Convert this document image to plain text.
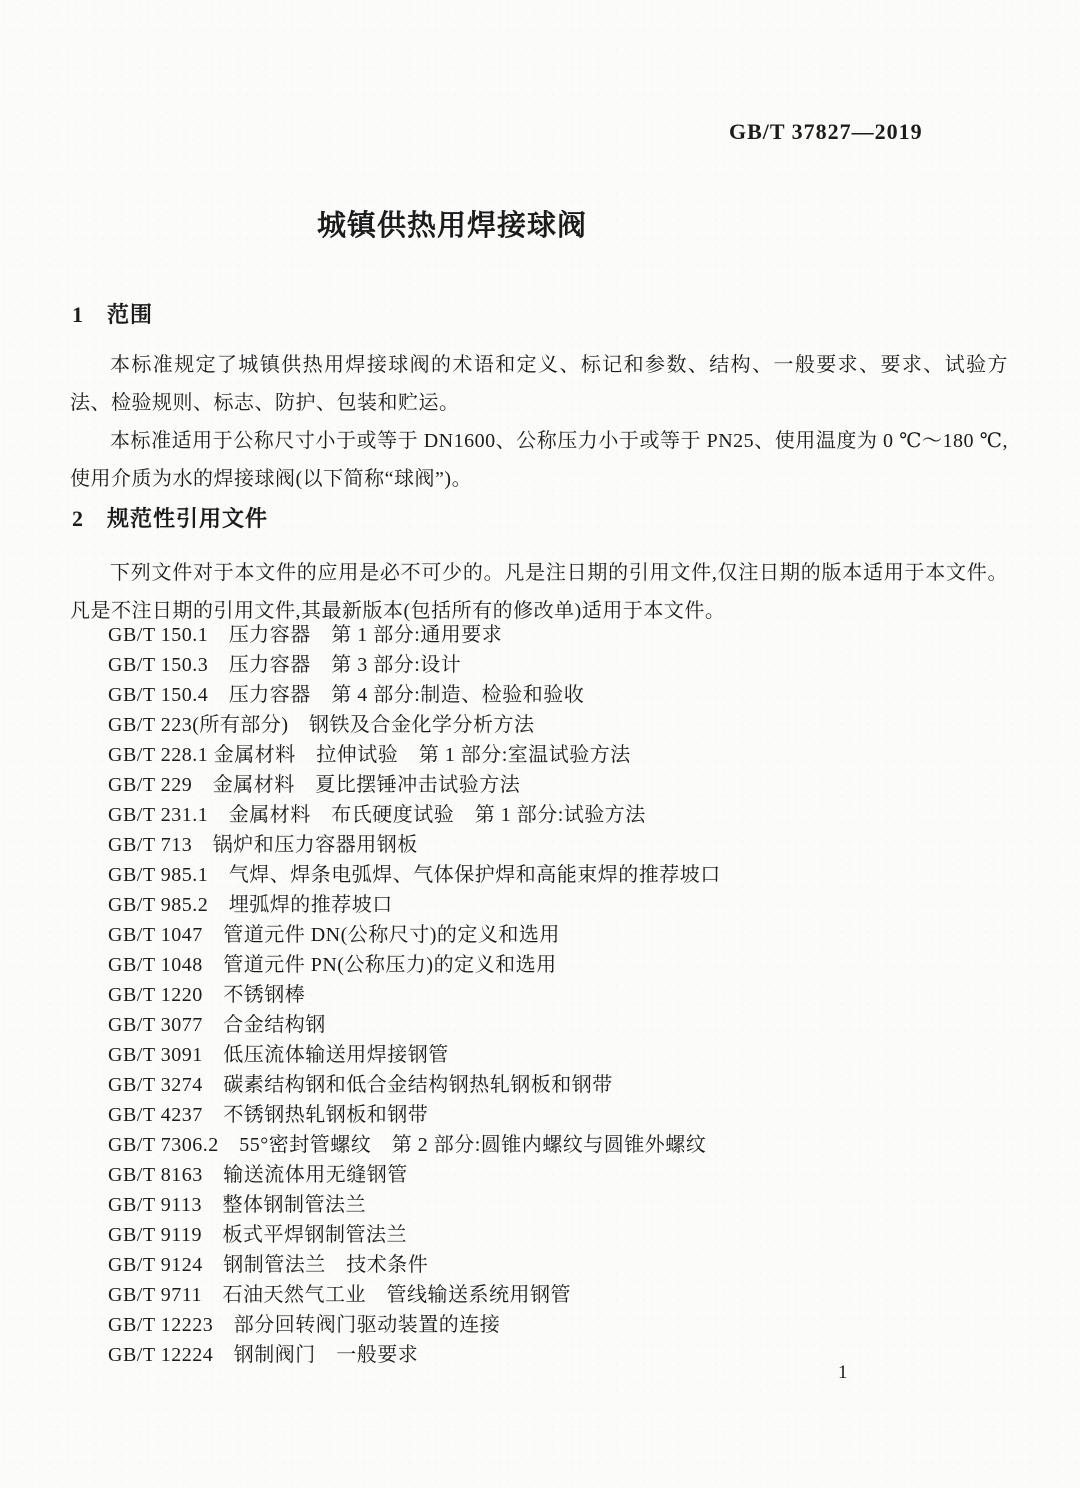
GB/T 37827—2019
城镇供热用焊接球阀
1　范围

本标准规定了城镇供热用焊接球阀的术语和定义、标记和参数、结构、一般要求、要求、试验方法、检验规则、标志、防护、包装和贮运。

本标准适用于公称尺寸小于或等于 DN1600、公称压力小于或等于 PN25、使用温度为 0 ℃～180 ℃,使用介质为水的焊接球阀(以下简称“球阀”)。

2　规范性引用文件

下列文件对于本文件的应用是必不可少的。凡是注日期的引用文件,仅注日期的版本适用于本文件。凡是不注日期的引用文件,其最新版本(包括所有的修改单)适用于本文件。

GB/T 150.1　压力容器　第 1 部分:通用要求
GB/T 150.3　压力容器　第 3 部分:设计
GB/T 150.4　压力容器　第 4 部分:制造、检验和验收
GB/T 223(所有部分)　钢铁及合金化学分析方法
GB/T 228.1 金属材料　拉伸试验　第 1 部分:室温试验方法
GB/T 229　金属材料　夏比摆锤冲击试验方法
GB/T 231.1　金属材料　布氏硬度试验　第 1 部分:试验方法
GB/T 713　锅炉和压力容器用钢板
GB/T 985.1　气焊、焊条电弧焊、气体保护焊和高能束焊的推荐坡口
GB/T 985.2　埋弧焊的推荐坡口
GB/T 1047　管道元件 DN(公称尺寸)的定义和选用
GB/T 1048　管道元件 PN(公称压力)的定义和选用
GB/T 1220　不锈钢棒
GB/T 3077　合金结构钢
GB/T 3091　低压流体输送用焊接钢管
GB/T 3274　碳素结构钢和低合金结构钢热轧钢板和钢带
GB/T 4237　不锈钢热轧钢板和钢带
GB/T 7306.2　55°密封管螺纹　第 2 部分:圆锥内螺纹与圆锥外螺纹
GB/T 8163　输送流体用无缝钢管
GB/T 9113　整体钢制管法兰
GB/T 9119　板式平焊钢制管法兰
GB/T 9124　钢制管法兰　技术条件
GB/T 9711　石油天然气工业　管线输送系统用钢管
GB/T 12223　部分回转阀门驱动装置的连接
GB/T 12224　钢制阀门　一般要求
1
